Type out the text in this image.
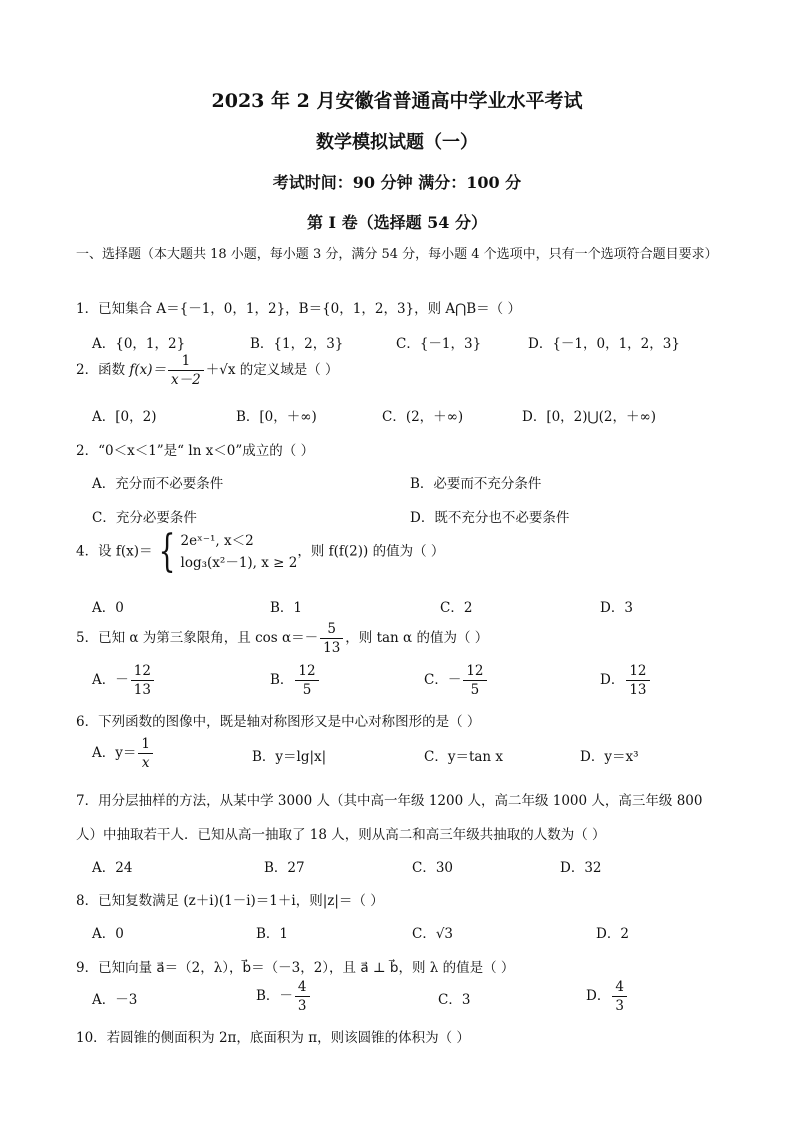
2023 年 2 月安徽省普通高中学业水平考试
数学模拟试题（一）
考试时间：90 分钟 满分：100 分
第 I 卷（选择题 54 分）
一、选择题（本大题共 18 小题，每小题 3 分，满分 54 分，每小题 4 个选项中，只有一个选项符合题目要求）
1．已知集合 A＝{－1，0，1，2}，B＝{0，1，2，3}，则 A⋂B＝（ ）
A．{0，1，2}	B．{1，2，3}	C．{－1，3}	D．{－1，0，1，2，3}
2．函数 $f(x)= \frac{1}{x-2} +√x$ 的定义域是（ ）
A．[0，2)	B．[0，＋∞)	C．(2，＋∞)	D．[0，2)⋃(2，＋∞)
2．“0＜x＜1”是“ ln x＜0”成立的（ ）
A．充分而不必要条件	B．必要而不充分条件
C．充分必要条件	D．既不充分也不必要条件
4．设 f(x)＝ { 2eˣ⁻¹, x＜2
log₃(x²－1), x ≥ 2
，则 f(f(2)) 的值为（ ）
A．0	B．1	C．2	D．3
5．已知 α 为第三象限角，且 $\cos \alpha=- \frac{5}{13}$ ，则 tan α 的值为（ ）
A．－ $\frac{12}{13}$	B． $\frac{12}{5}$	C．－ $\frac{12}{5}$	D． $\frac{12}{13}$
6．下列函数的图像中，既是轴对称图形又是中心对称图形的是（ ）
A．$y= \frac{1}{x}$	B．y＝lg|x|	C．y＝tan x	D．y＝x³
7．用分层抽样的方法，从某中学 3000 人（其中高一年级 1200 人，高二年级 1000 人，高三年级 800 人）中抽取若干人．已知从高一抽取了 18 人，则从高二和高三年级共抽取的人数为（ ）
A．24	B．27	C．30	D．32
8．已知复数满足 (z＋i)(1－i)＝1＋i，则|z|＝（ ）
A．0	B．1	C．√3	D．2
9．已知向量 a⃗＝（2，λ），b⃗＝（－3，2），且 a⃗ ⊥ b⃗，则 λ 的值是（ ）
A．－3	B．－ $\frac{4}{3}$	C．3	D． $\frac{4}{3}$
10．若圆锥的侧面积为 2π，底面积为 π，则该圆锥的体积为（ ）
